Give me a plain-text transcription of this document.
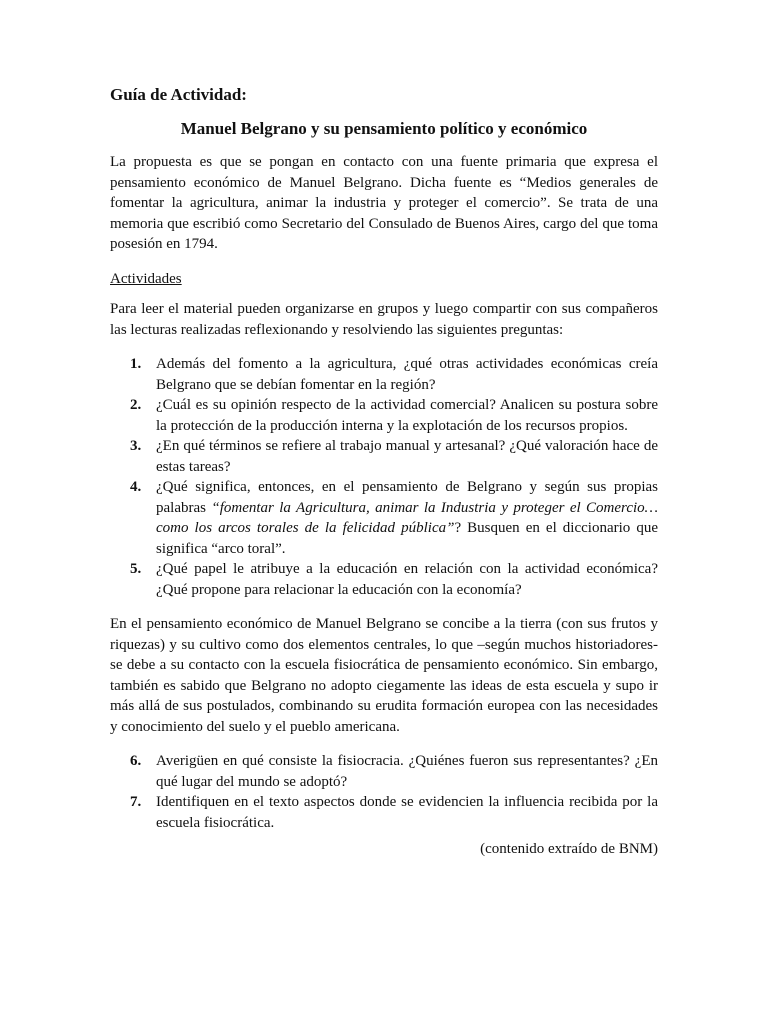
Guía de Actividad:
Manuel Belgrano y su pensamiento político y económico

La propuesta es que se pongan en contacto con una fuente primaria que expresa el pensamiento económico de Manuel Belgrano. Dicha fuente es “Medios generales de fomentar la agricultura, animar la industria y proteger el comercio”. Se trata de una memoria que escribió como Secretario del Consulado de Buenos Aires, cargo del que toma posesión en 1794.

Actividades

Para leer el material pueden organizarse en grupos y luego compartir con sus compañeros las lecturas realizadas reflexionando y resolviendo las siguientes preguntas:

1. Además del fomento a la agricultura, ¿qué otras actividades económicas creía Belgrano que se debían fomentar en la región?
2. ¿Cuál es su opinión respecto de la actividad comercial? Analicen su postura sobre la protección de la producción interna y la explotación de los recursos propios.
3. ¿En qué términos se refiere al trabajo manual y artesanal? ¿Qué valoración hace de estas tareas?
4. ¿Qué significa, entonces, en el pensamiento de Belgrano y según sus propias palabras “fomentar la Agricultura, animar la Industria y proteger el Comercio… como los arcos torales de la felicidad pública”? Busquen en el diccionario que significa “arco toral”.
5. ¿Qué papel le atribuye a la educación en relación con la actividad económica? ¿Qué propone para relacionar la educación con la economía?

En el pensamiento económico de Manuel Belgrano se concibe a la tierra (con sus frutos y riquezas) y su cultivo como dos elementos centrales, lo que –según muchos historiadores- se debe a su contacto con la escuela fisiocrática de pensamiento económico. Sin embargo, también es sabido que Belgrano no adopto ciegamente las ideas de esta escuela y supo ir más allá de sus postulados, combinando su erudita formación europea con las necesidades y conocimiento del suelo y el pueblo americana.

6. Averigüen en qué consiste la fisiocracia. ¿Quiénes fueron sus representantes? ¿En qué lugar del mundo se adoptó?
7. Identifiquen en el texto aspectos donde se evidencien la influencia recibida por la escuela fisiocrática.
(contenido extraído de BNM)
